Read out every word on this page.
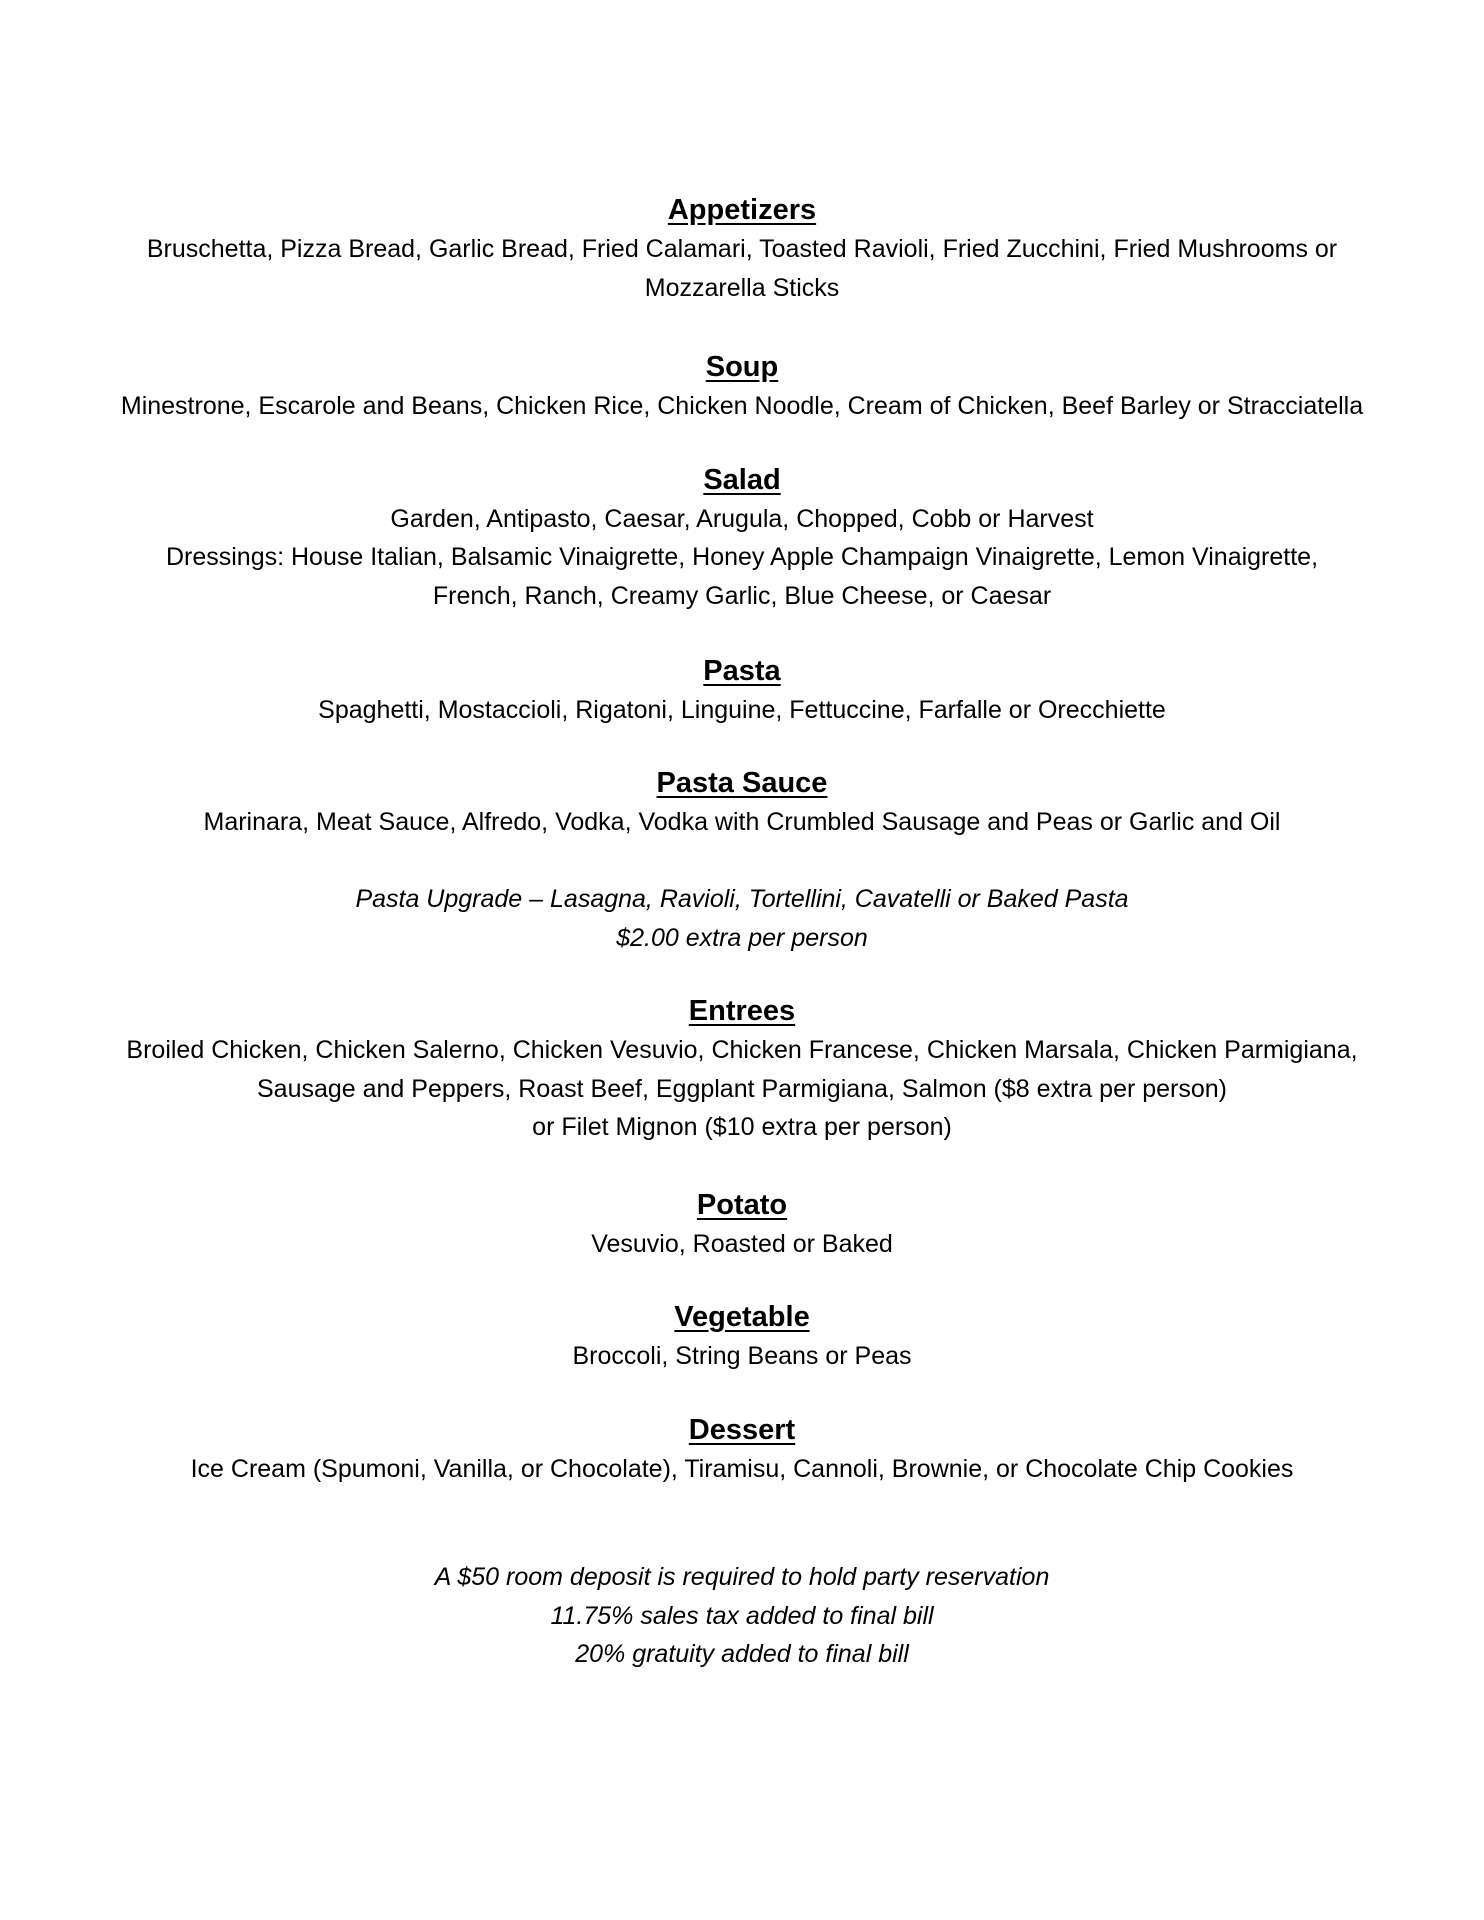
Appetizers

Bruschetta, Pizza Bread, Garlic Bread, Fried Calamari, Toasted Ravioli, Fried Zucchini, Fried Mushrooms or

Mozzarella Sticks

Soup

Minestrone, Escarole and Beans, Chicken Rice, Chicken Noodle, Cream of Chicken, Beef Barley or Stracciatella

Salad

Garden, Antipasto, Caesar, Arugula, Chopped, Cobb or Harvest

Dressings: House Italian, Balsamic Vinaigrette, Honey Apple Champaign Vinaigrette, Lemon Vinaigrette,

French, Ranch, Creamy Garlic, Blue Cheese, or Caesar

Pasta

Spaghetti, Mostaccioli, Rigatoni, Linguine, Fettuccine, Farfalle or Orecchiette

Pasta Sauce

Marinara, Meat Sauce, Alfredo, Vodka, Vodka with Crumbled Sausage and Peas or Garlic and Oil

Pasta Upgrade – Lasagna, Ravioli, Tortellini, Cavatelli or Baked Pasta

$2.00 extra per person

Entrees

Broiled Chicken, Chicken Salerno, Chicken Vesuvio, Chicken Francese, Chicken Marsala, Chicken Parmigiana,

Sausage and Peppers, Roast Beef, Eggplant Parmigiana, Salmon ($8 extra per person)

or Filet Mignon ($10 extra per person)

Potato

Vesuvio, Roasted or Baked

Vegetable

Broccoli, String Beans or Peas

Dessert

Ice Cream (Spumoni, Vanilla, or Chocolate), Tiramisu, Cannoli, Brownie, or Chocolate Chip Cookies

A $50 room deposit is required to hold party reservation

11.75% sales tax added to final bill

20% gratuity added to final bill
